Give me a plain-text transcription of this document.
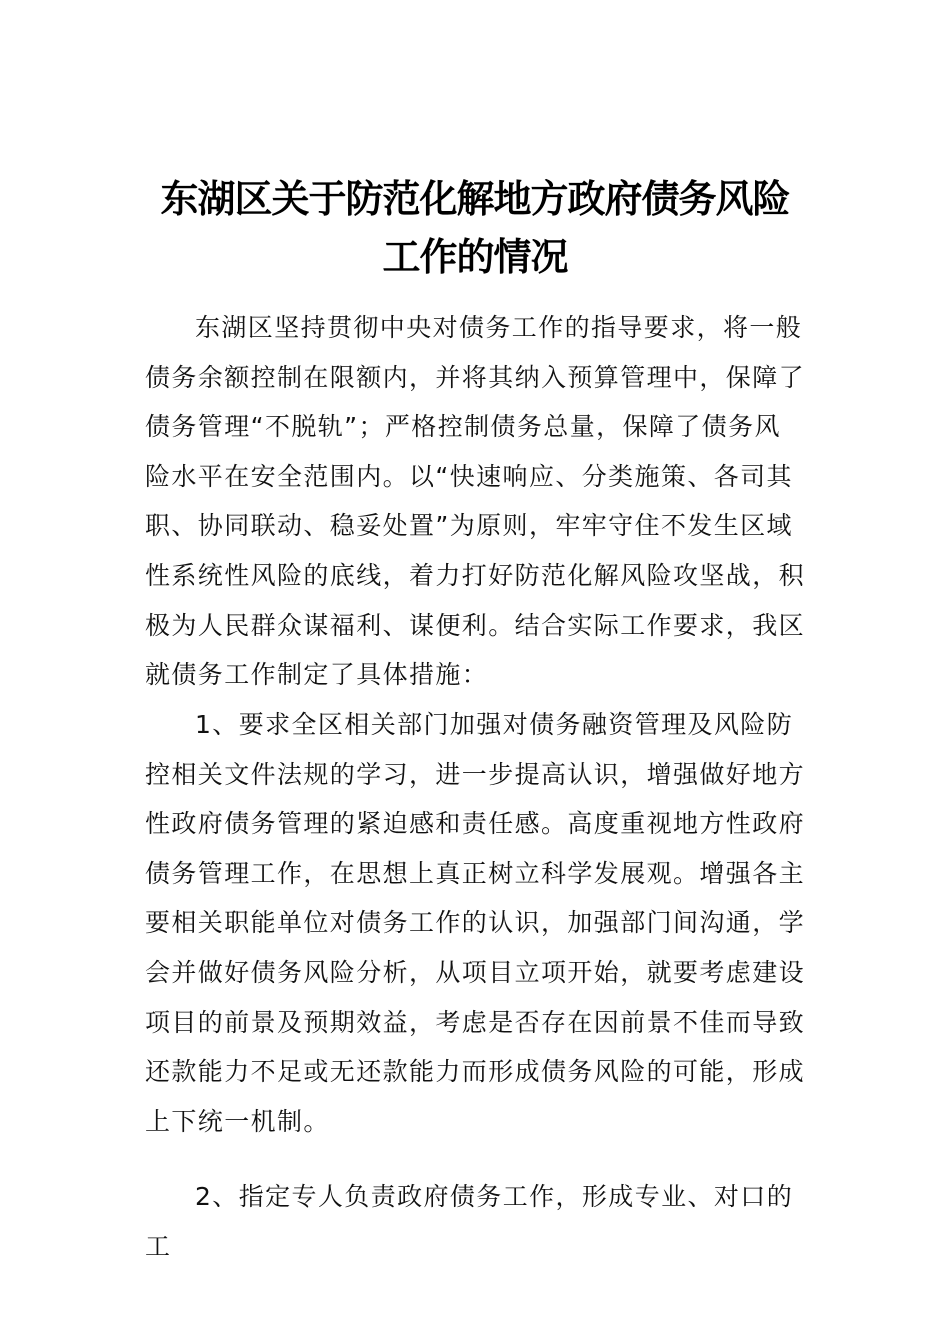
东湖区关于防范化解地方政府债务风险工作的情况

东湖区坚持贯彻中央对债务工作的指导要求，将一般债务余额控制在限额内，并将其纳入预算管理中，保障了债务管理“不脱轨”；严格控制债务总量，保障了债务风险水平在安全范围内。以“快速响应、分类施策、各司其职、协同联动、稳妥处置”为原则，牢牢守住不发生区域性系统性风险的底线，着力打好防范化解风险攻坚战，积极为人民群众谋福利、谋便利。结合实际工作要求，我区就债务工作制定了具体措施：

1、要求全区相关部门加强对债务融资管理及风险防控相关文件法规的学习，进一步提高认识，增强做好地方性政府债务管理的紧迫感和责任感。高度重视地方性政府债务管理工作，在思想上真正树立科学发展观。增强各主要相关职能单位对债务工作的认识，加强部门间沟通，学会并做好债务风险分析，从项目立项开始，就要考虑建设项目的前景及预期效益，考虑是否存在因前景不佳而导致还款能力不足或无还款能力而形成债务风险的可能，形成上下统一机制。

2、指定专人负责政府债务工作，形成专业、对口的工
